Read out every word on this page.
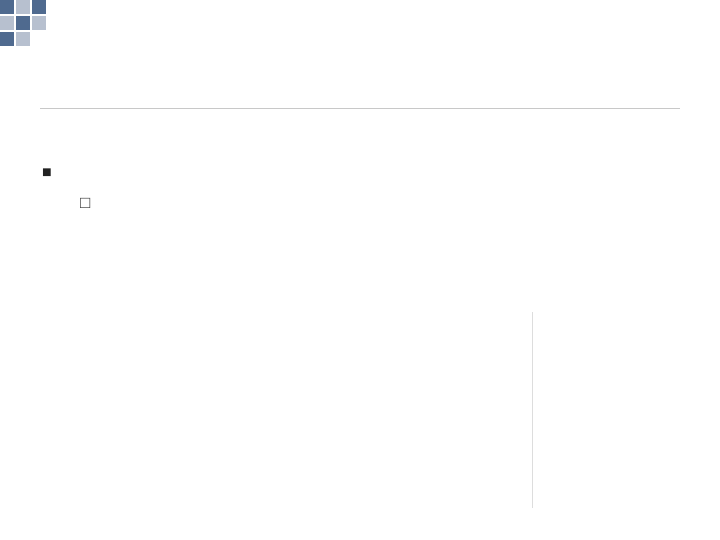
■
□
